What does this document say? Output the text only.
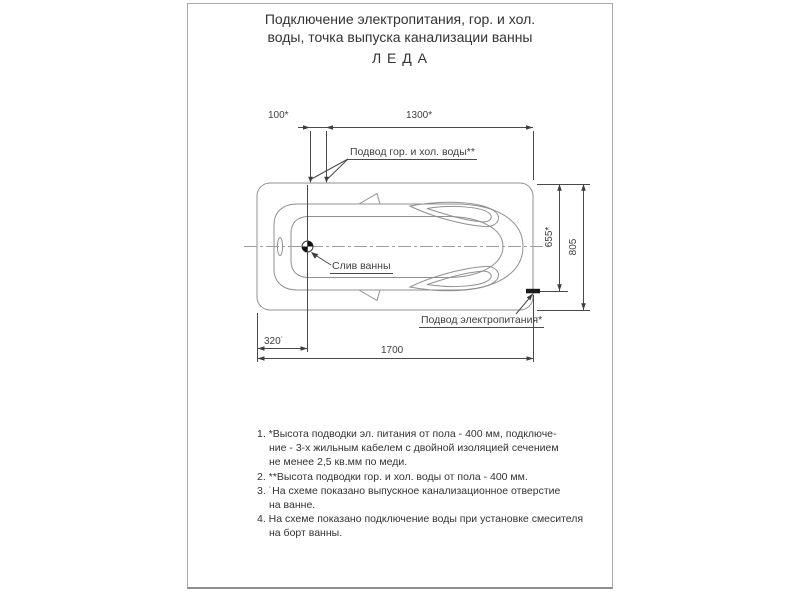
Подключение электропитания, гор. и хол.
воды, точка выпуска канализации ванны
Л Е Д А
100*	1300*
320˙
1700
655* 805
Подвод гор. и хол. воды**
Слив ванны
Подвод электропитания*
1. *Высота подводки эл. питания от пола - 400 мм, подключе-
ние - 3-х жильным кабелем с двойной изоляцией сечением
не менее 2,5 кв.мм по меди.
2. **Высота подводки гор. и хол. воды от пола - 400 мм.
3. ˙На схеме показано выпускное канализационное отверстие
на ванне.
4. На схеме показано подключение воды при установке смесителя
на борт ванны.
